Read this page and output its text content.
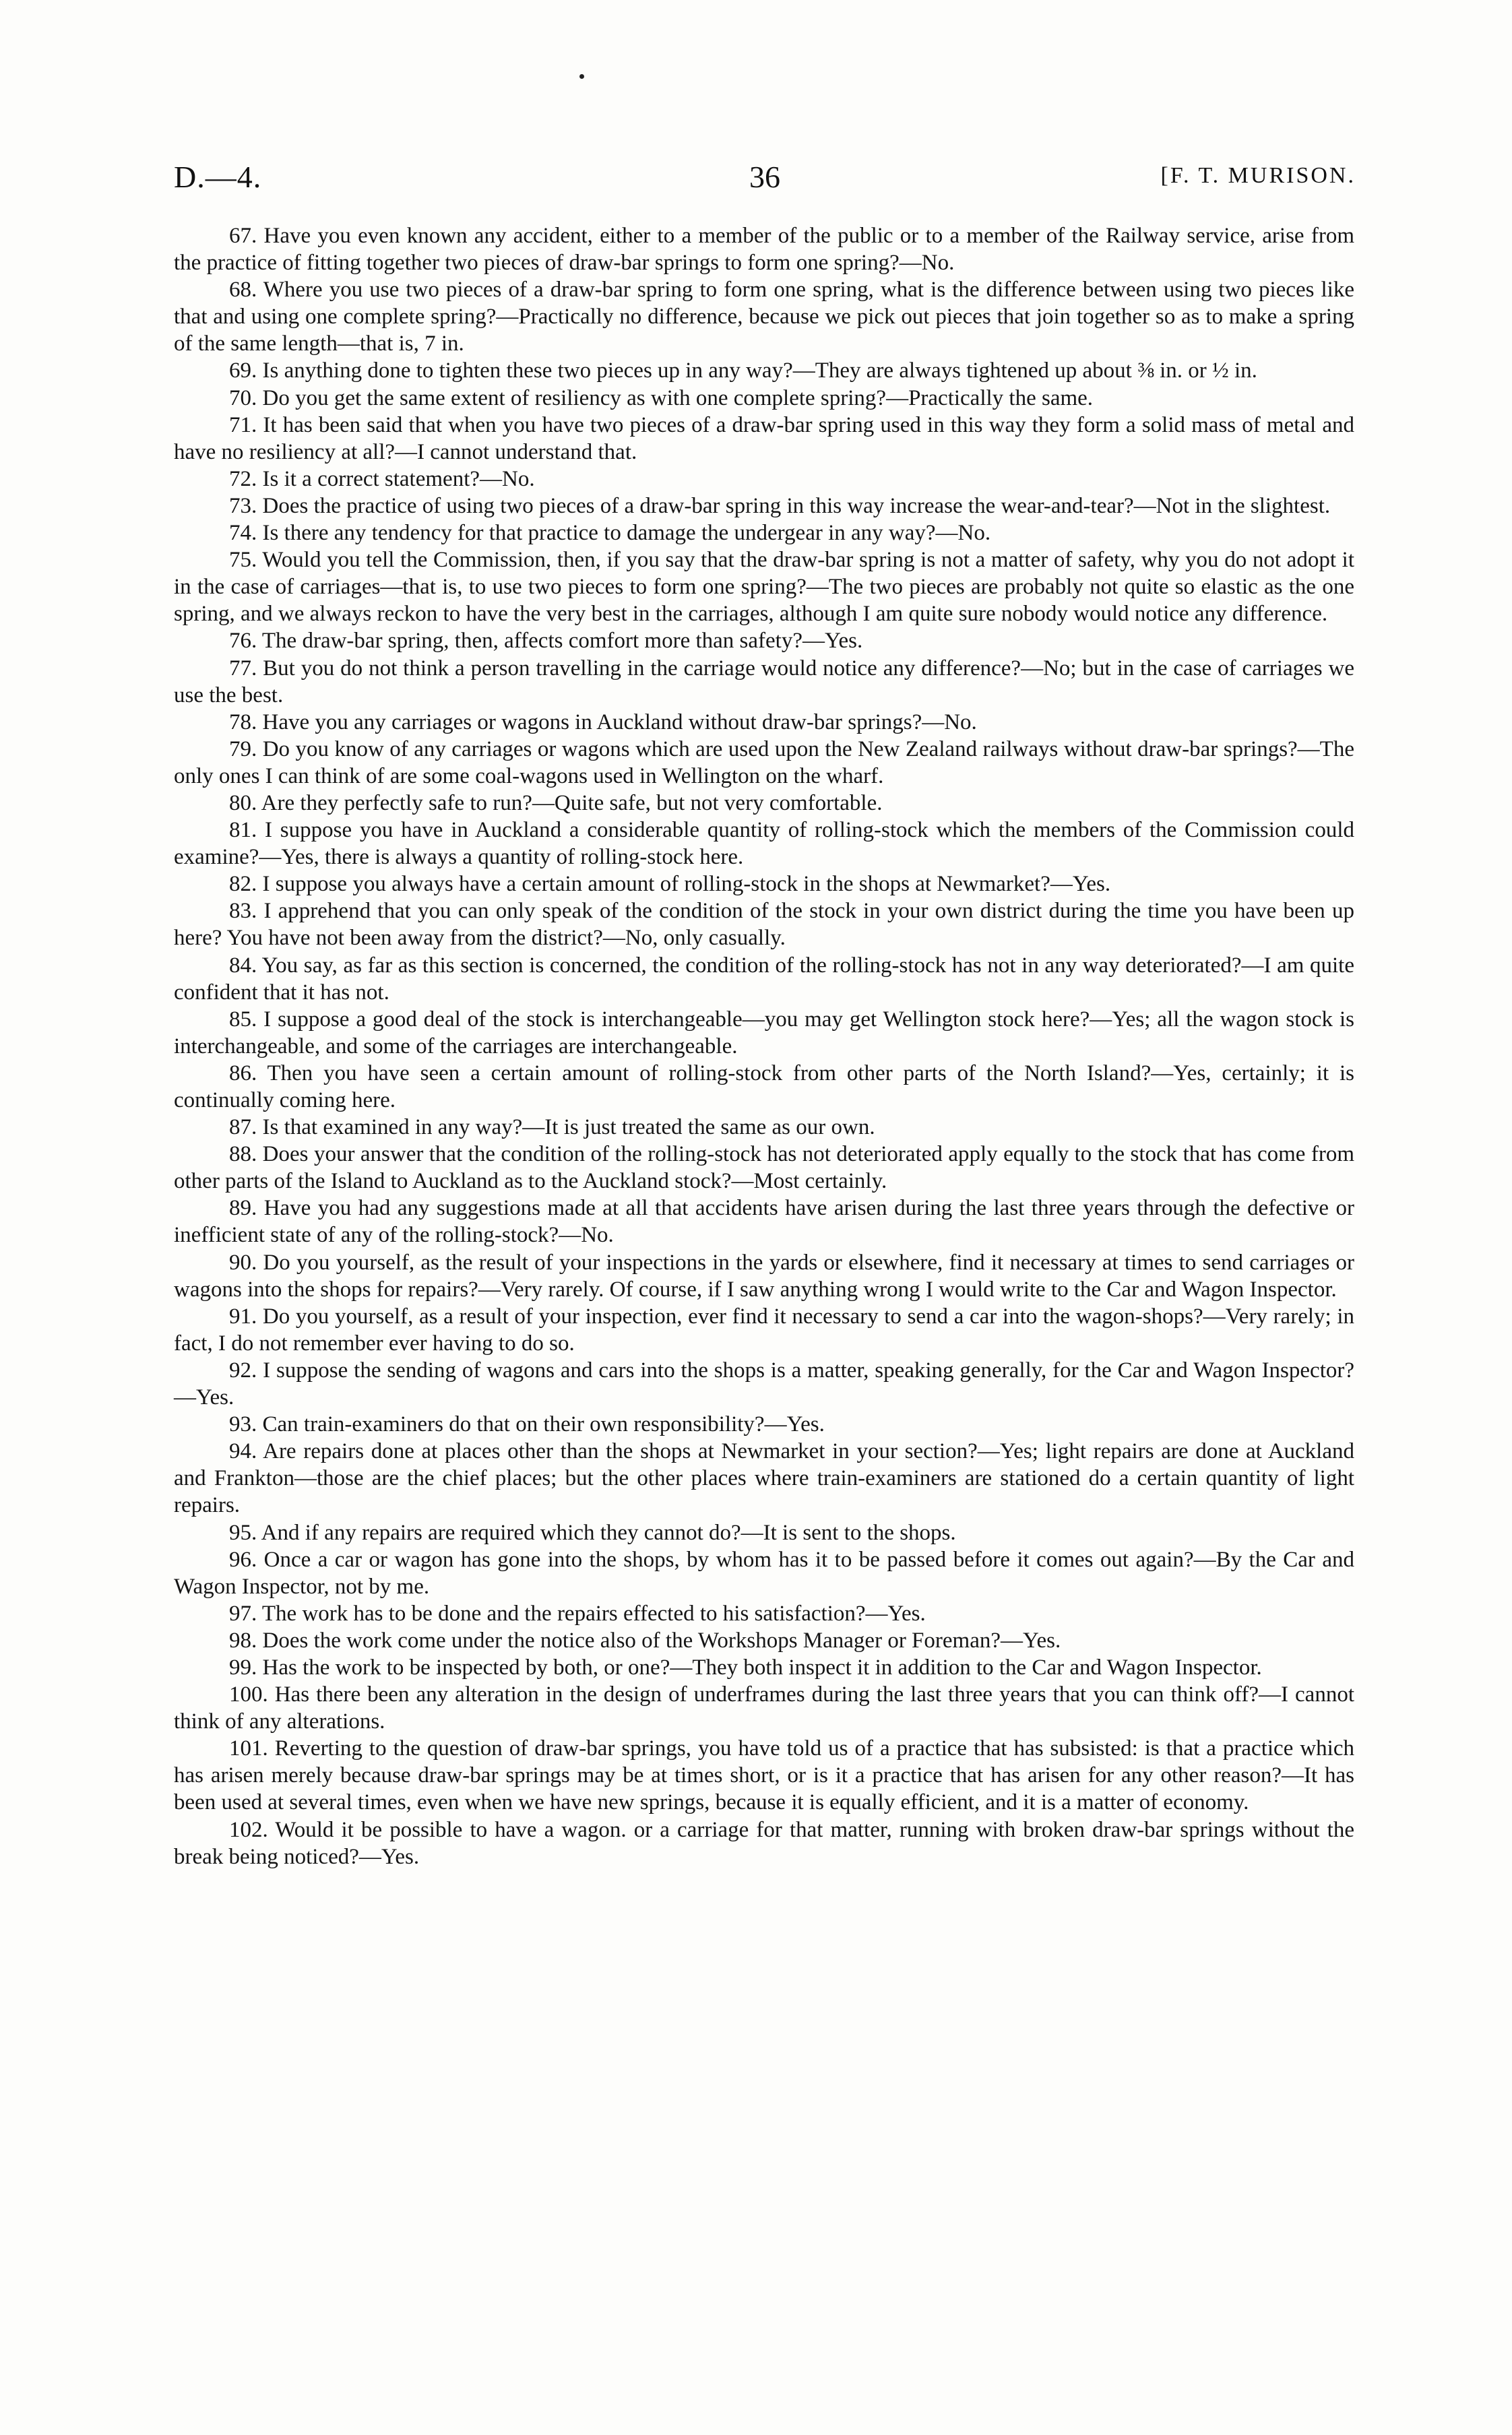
D.—4.	36	[F. T. MURISON.

67. Have you even known any accident, either to a member of the public or to a member of the Railway service, arise from the practice of fitting together two pieces of draw-bar springs to form one spring?—No.

68. Where you use two pieces of a draw-bar spring to form one spring, what is the difference between using two pieces like that and using one complete spring?—Practically no difference, because we pick out pieces that join together so as to make a spring of the same length—that is, 7 in.

69. Is anything done to tighten these two pieces up in any way?—They are always tightened up about ⅜ in. or ½ in.

70. Do you get the same extent of resiliency as with one complete spring?—Practically the same.

71. It has been said that when you have two pieces of a draw-bar spring used in this way they form a solid mass of metal and have no resiliency at all?—I cannot understand that.

72. Is it a correct statement?—No.

73. Does the practice of using two pieces of a draw-bar spring in this way increase the wear-and-tear?—Not in the slightest.

74. Is there any tendency for that practice to damage the undergear in any way?—No.

75. Would you tell the Commission, then, if you say that the draw-bar spring is not a matter of safety, why you do not adopt it in the case of carriages—that is, to use two pieces to form one spring?—The two pieces are probably not quite so elastic as the one spring, and we always reckon to have the very best in the carriages, although I am quite sure nobody would notice any difference.

76. The draw-bar spring, then, affects comfort more than safety?—Yes.

77. But you do not think a person travelling in the carriage would notice any difference?—No; but in the case of carriages we use the best.

78. Have you any carriages or wagons in Auckland without draw-bar springs?—No.

79. Do you know of any carriages or wagons which are used upon the New Zealand railways without draw-bar springs?—The only ones I can think of are some coal-wagons used in Wellington on the wharf.

80. Are they perfectly safe to run?—Quite safe, but not very comfortable.

81. I suppose you have in Auckland a considerable quantity of rolling-stock which the members of the Commission could examine?—Yes, there is always a quantity of rolling-stock here.

82. I suppose you always have a certain amount of rolling-stock in the shops at Newmarket?—Yes.

83. I apprehend that you can only speak of the condition of the stock in your own district during the time you have been up here? You have not been away from the district?—No, only casually.

84. You say, as far as this section is concerned, the condition of the rolling-stock has not in any way deteriorated?—I am quite confident that it has not.

85. I suppose a good deal of the stock is interchangeable—you may get Wellington stock here?—Yes; all the wagon stock is interchangeable, and some of the carriages are interchangeable.

86. Then you have seen a certain amount of rolling-stock from other parts of the North Island?—Yes, certainly; it is continually coming here.

87. Is that examined in any way?—It is just treated the same as our own.

88. Does your answer that the condition of the rolling-stock has not deteriorated apply equally to the stock that has come from other parts of the Island to Auckland as to the Auckland stock?—Most certainly.

89. Have you had any suggestions made at all that accidents have arisen during the last three years through the defective or inefficient state of any of the rolling-stock?—No.

90. Do you yourself, as the result of your inspections in the yards or elsewhere, find it necessary at times to send carriages or wagons into the shops for repairs?—Very rarely. Of course, if I saw anything wrong I would write to the Car and Wagon Inspector.

91. Do you yourself, as a result of your inspection, ever find it necessary to send a car into the wagon-shops?—Very rarely; in fact, I do not remember ever having to do so.

92. I suppose the sending of wagons and cars into the shops is a matter, speaking generally, for the Car and Wagon Inspector?—Yes.

93. Can train-examiners do that on their own responsibility?—Yes.

94. Are repairs done at places other than the shops at Newmarket in your section?—Yes; light repairs are done at Auckland and Frankton—those are the chief places; but the other places where train-examiners are stationed do a certain quantity of light repairs.

95. And if any repairs are required which they cannot do?—It is sent to the shops.

96. Once a car or wagon has gone into the shops, by whom has it to be passed before it comes out again?—By the Car and Wagon Inspector, not by me.

97. The work has to be done and the repairs effected to his satisfaction?—Yes.

98. Does the work come under the notice also of the Workshops Manager or Foreman?—Yes.

99. Has the work to be inspected by both, or one?—They both inspect it in addition to the Car and Wagon Inspector.

100. Has there been any alteration in the design of underframes during the last three years that you can think off?—I cannot think of any alterations.

101. Reverting to the question of draw-bar springs, you have told us of a practice that has subsisted: is that a practice which has arisen merely because draw-bar springs may be at times short, or is it a practice that has arisen for any other reason?—It has been used at several times, even when we have new springs, because it is equally efficient, and it is a matter of economy.

102. Would it be possible to have a wagon. or a carriage for that matter, running with broken draw-bar springs without the break being noticed?—Yes.
